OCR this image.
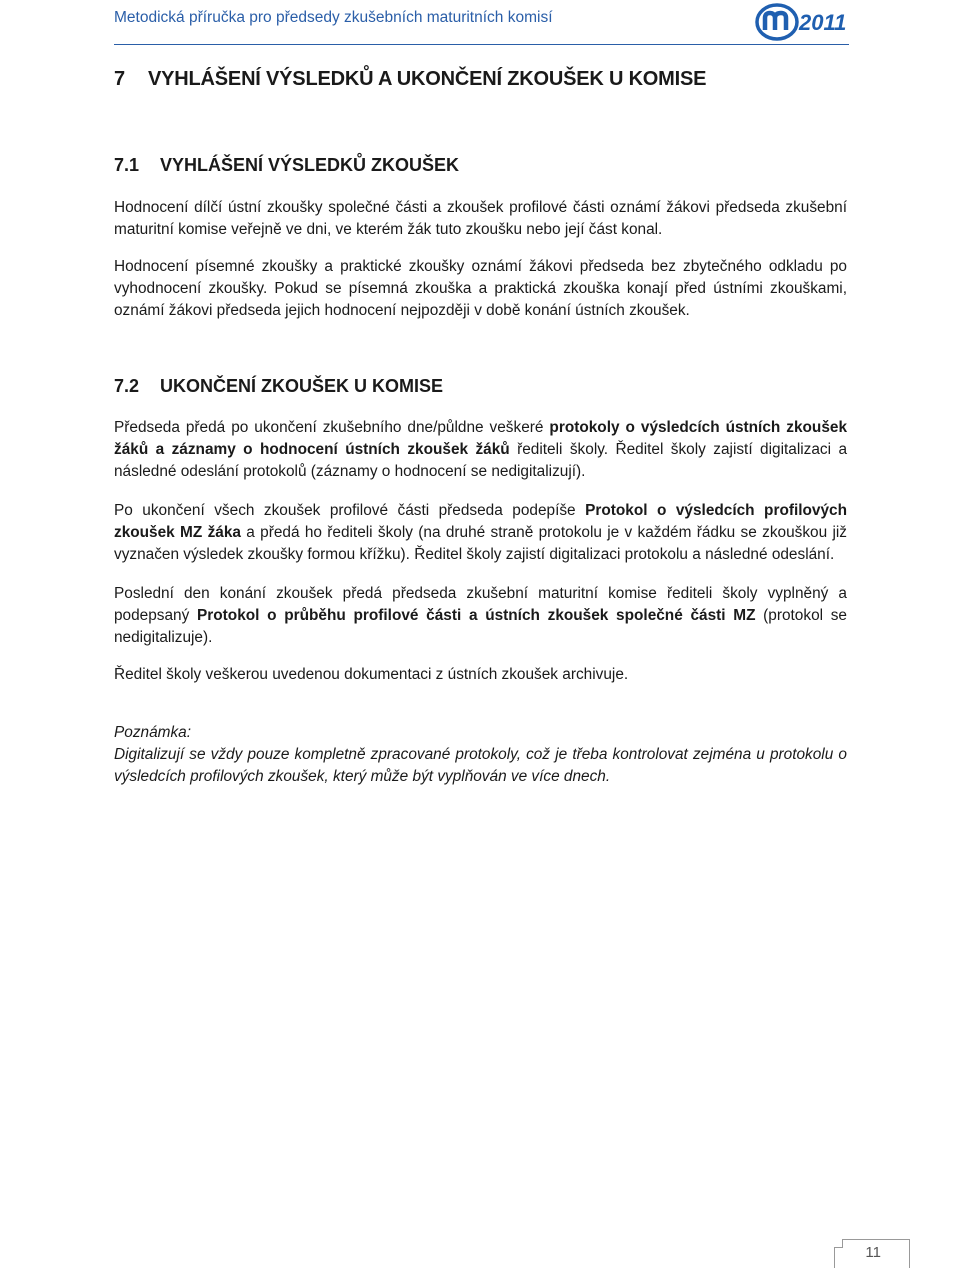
Metodická příručka pro předsedy zkušebních maturitních komisí	2011
7 VYHLÁŠENÍ VÝSLEDKŮ A UKONČENÍ ZKOUŠEK U KOMISE
7.1 VYHLÁŠENÍ VÝSLEDKŮ ZKOUŠEK

Hodnocení dílčí ústní zkoušky společné části a zkoušek profilové části oznámí žákovi předseda zkušební maturitní komise veřejně ve dni, ve kterém žák tuto zkoušku nebo její část konal.

Hodnocení písemné zkoušky a praktické zkoušky oznámí žákovi předseda bez zbytečného odkladu po vyhodnocení zkoušky. Pokud se písemná zkouška a praktická zkouška konají před ústními zkouškami, oznámí žákovi předseda jejich hodnocení nejpozději v době konání ústních zkoušek.

7.2 UKONČENÍ ZKOUŠEK U KOMISE

Předseda předá po ukončení zkušebního dne/půldne veškeré protokoly o výsledcích ústních zkoušek žáků a záznamy o hodnocení ústních zkoušek žáků řediteli školy. Ředitel školy zajistí digitalizaci a následné odeslání protokolů (záznamy o hodnocení se nedigitalizují).

Po ukončení všech zkoušek profilové části předseda podepíše Protokol o výsledcích profilových zkoušek MZ žáka a předá ho řediteli školy (na druhé straně protokolu je v každém řádku se zkouškou již vyznačen výsledek zkoušky formou křížku). Ředitel školy zajistí digitalizaci protokolu a následné odeslání.

Poslední den konání zkoušek předá předseda zkušební maturitní komise řediteli školy vyplněný a podepsaný Protokol o průběhu profilové části a ústních zkoušek společné části MZ (protokol se nedigitalizuje).

Ředitel školy veškerou uvedenou dokumentaci z ústních zkoušek archivuje.

Poznámka:

Digitalizují se vždy pouze kompletně zpracované protokoly, což je třeba kontrolovat zejména u protokolu o výsledcích profilových zkoušek, který může být vyplňován ve více dnech.

11
